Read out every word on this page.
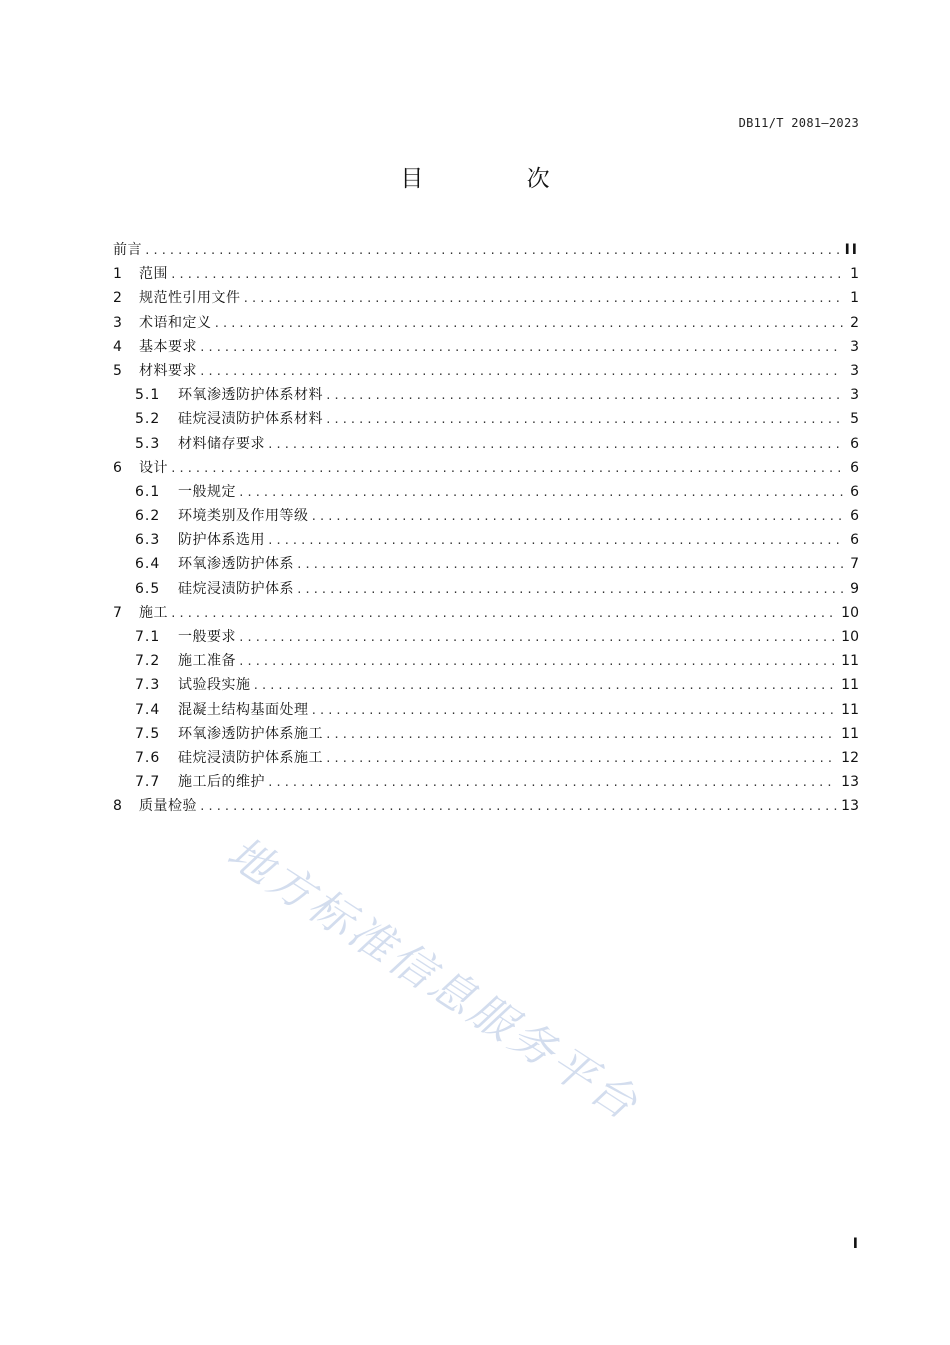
DB11/T 2081—2023
目 次
前言 .....	II
1	范围 .....	1
2	规范性引用文件 .....	1
3	术语和定义 .....	2
4	基本要求 .....	3
5	材料要求 .....	3
5.1	环氧渗透防护体系材料 .....	3
5.2	硅烷浸渍防护体系材料 .....	5
5.3	材料储存要求 .....	6
6	设计 .....	6
6.1	一般规定 .....	6
6.2	环境类别及作用等级 .....	6
6.3	防护体系选用 .....	6
6.4	环氧渗透防护体系 .....	7
6.5	硅烷浸渍防护体系 .....	9
7	施工 .....	10
7.1	一般要求 .....	10
7.2	施工准备 .....	11
7.3	试验段实施 .....	11
7.4	混凝土结构基面处理 .....	11
7.5	环氧渗透防护体系施工 .....	11
7.6	硅烷浸渍防护体系施工 .....	12
7.7	施工后的维护 .....	13
8	质量检验 .....	13
地方标准信息服务平台
I
